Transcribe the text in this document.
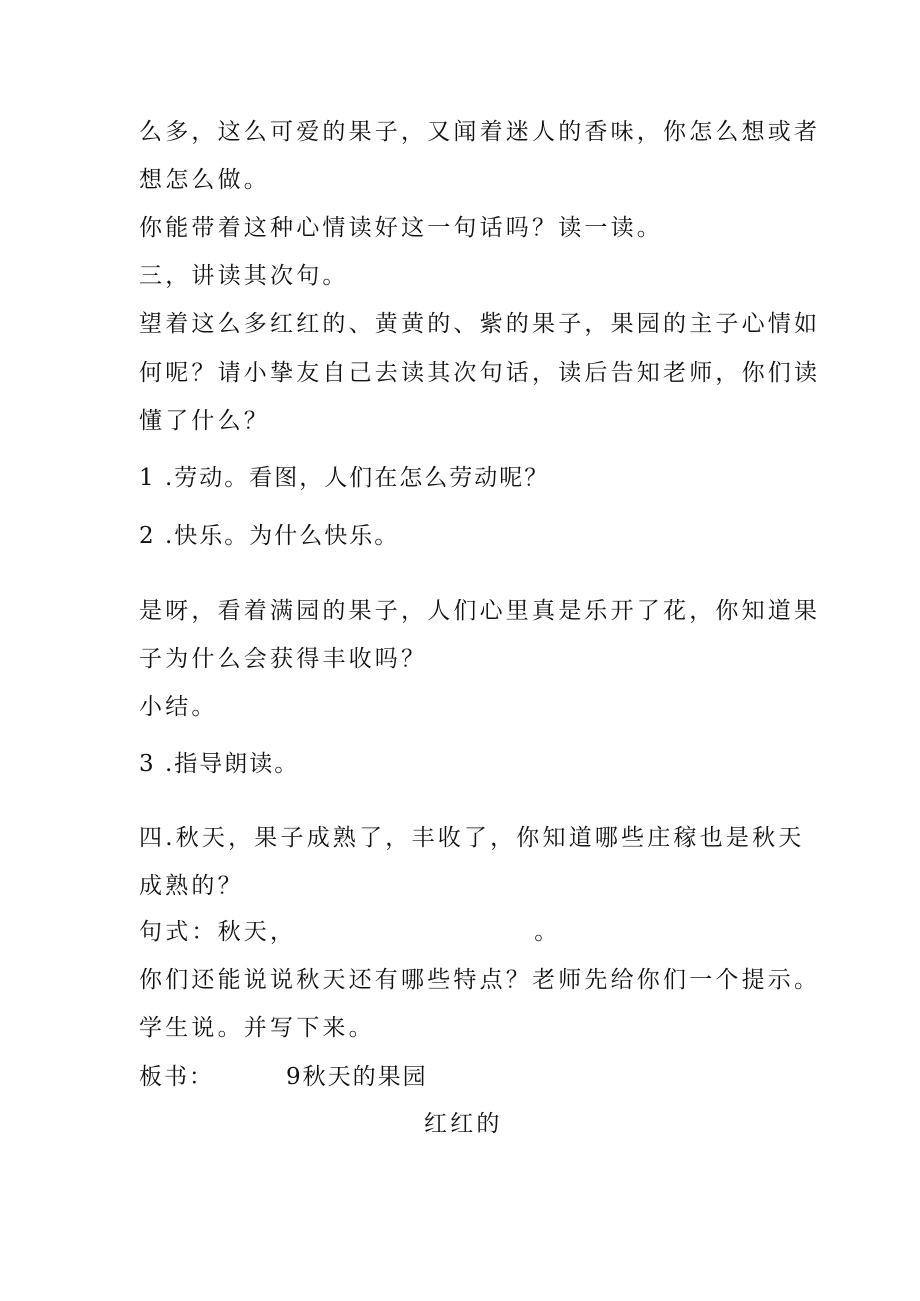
么多，这么可爱的果子，又闻着迷人的香味，你怎么想或者

想怎么做。

你能带着这种心情读好这一句话吗？读一读。

三，讲读其次句。

望着这么多红红的、黄黄的、紫的果子，果园的主子心情如

何呢？请小挚友自己去读其次句话，读后告知老师，你们读

懂了什么？

1 .劳动。看图，人们在怎么劳动呢？

2 .快乐。为什么快乐。

是呀，看着满园的果子，人们心里真是乐开了花，你知道果

子为什么会获得丰收吗？

小结。

3 .指导朗读。

四.秋天，果子成熟了，丰收了，你知道哪些庄稼也是秋天

成熟的？

句式：秋天，	。

你们还能说说秋天还有哪些特点？老师先给你们一个提示。

学生说。并写下来。

板书：	9秋天的果园

红红的
